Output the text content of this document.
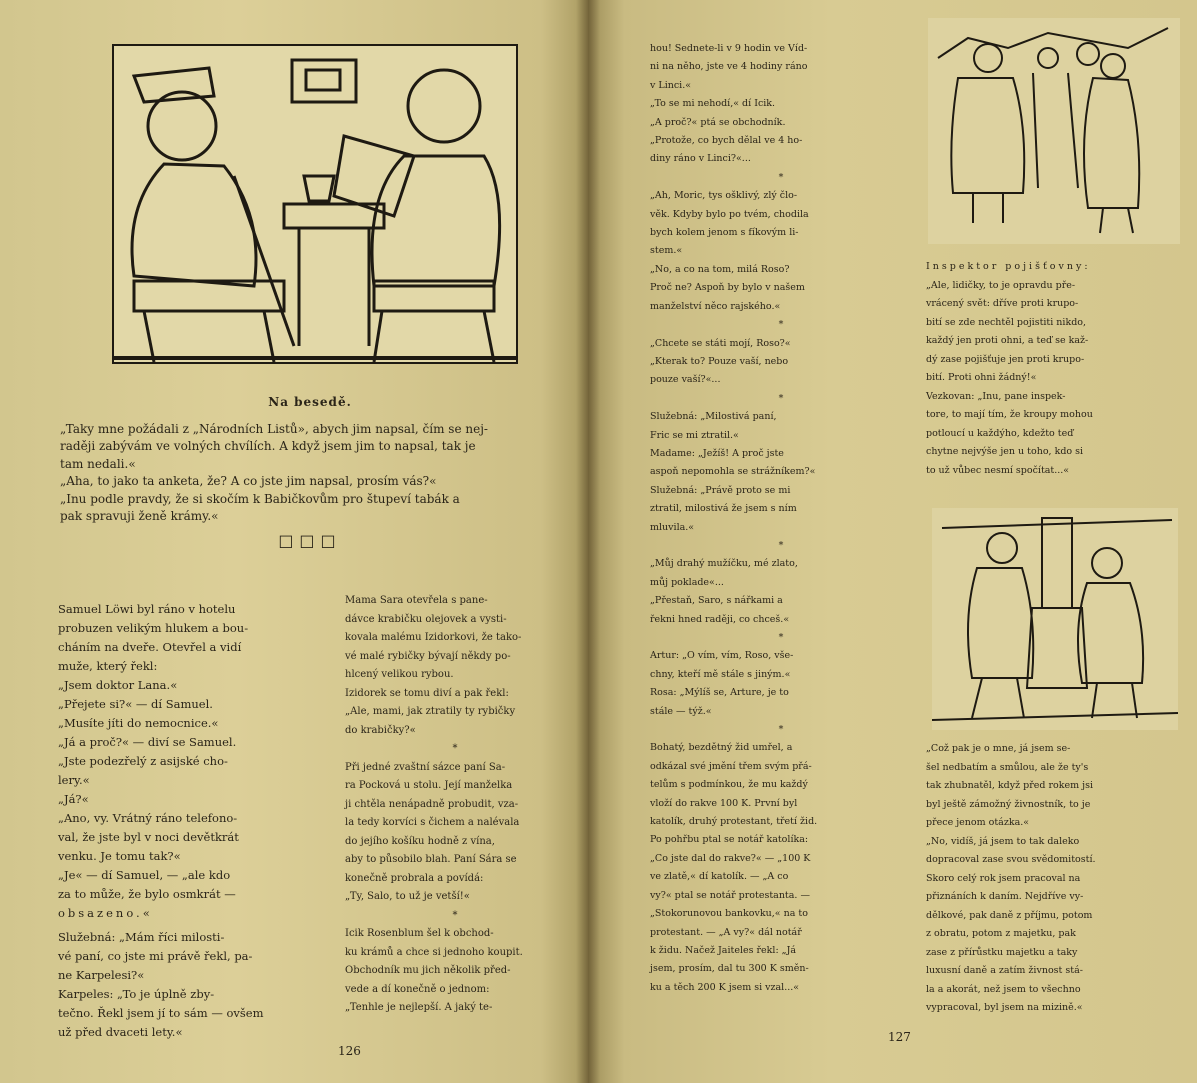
Na besedě.

„Taky mne požádali z „Národních Listů», abych jim napsal, čím se nej-

raději zabývám ve volných chvílích. A když jsem jim to napsal, tak je

tam nedali.«

„Aha, to jako ta anketa, že? A co jste jim napsal, prosím vás?«

„Inu podle pravdy, že si skočím k Babičkovům pro štupeví tabák a

pak spravuji ženě krámy.«

□□□

Samuel Löwi byl ráno v hotelu

probuzen velikým hlukem a bou-

cháním na dveře. Otevřel a vidí

muže, který řekl:

„Jsem doktor Lana.«

„Přejete si?« — dí Samuel.

„Musíte jíti do nemocnice.«

„Já a proč?« — diví se Samuel.

„Jste podezřelý z asijské cho-

lery.«

„Já?«

„Ano, vy. Vrátný ráno telefono-

val, že jste byl v noci devětkrát

venku. Je tomu tak?«

„Je« — dí Samuel, — „ale kdo

za to může, že bylo osmkrát —

obsazeno.«

Služebná: „Mám říci milosti-

vé paní, co jste mi právě řekl, pa-

ne Karpelesi?«

Karpeles: „To je úplně zby-

tečno. Řekl jsem jí to sám — ovšem

už před dvaceti lety.«

Mama Sara otevřela s pane-

dávce krabičku olejovek a vysti-

kovala malému Izidorkovi, že tako-

vé malé rybičky bývají někdy po-

hlcený velikou rybou.

Izidorek se tomu diví a pak řekl:

„Ale, mami, jak ztratily ty rybičky

do krabičky?«

*

Při jedné zvaštní sázce paní Sa-

ra Pocková u stolu. Její manželka

ji chtěla nenápadně probudit, vza-

la tedy korvíci s čichem a nalévala

do jejího košíku hodně z vína,

aby to působilo blah. Paní Sára se

konečně probrala a povídá:

„Ty, Salo, to už je vetší!«

*

Icik Rosenblum šel k obchod-

ku krámů a chce si jednoho koupit.

Obchodník mu jich několik před-

vede a dí konečně o jednom:

„Tenhle je nejlepší. A jaký te-

126

hou! Sednete-li v 9 hodin ve Víd-

ni na něho, jste ve 4 hodiny ráno

v Linci.«

„To se mi nehodí,« dí Icik.

„A proč?« ptá se obchodník.

„Protože, co bych dělal ve 4 ho-

diny ráno v Linci?«...

*

„Ah, Moric, tys ošklivý, zlý člo-

věk. Kdyby bylo po tvém, chodila

bych kolem jenom s fíkovým li-

stem.«

„No, a co na tom, milá Roso?

Proč ne? Aspoň by bylo v našem

manželství něco rajského.«

*

„Chcete se státi mojí, Roso?«

„Kterak to? Pouze vaší, nebo

pouze vaší?«...

*

Služebná: „Milostivá paní,

Fric se mi ztratil.«

Madame: „Ježíš! A proč jste

aspoň nepomohla se strážníkem?«

Služebná: „Právě proto se mi

ztratil, milostivá že jsem s ním

mluvila.«

*

„Můj drahý mužíčku, mé zlato,

můj poklade«...

„Přestaň, Saro, s nářkami a

řekni hned raději, co chceš.«

*

Artur: „O vím, vím, Roso, vše-

chny, kteří mě stále s jiným.«

Rosa: „Mýlíš se, Arture, je to

stále — týž.«

*

Bohatý, bezdětný žid umřel, a

odkázal své jmění třem svým přá-

telům s podmínkou, že mu každý

vloží do rakve 100 K. První byl

katolík, druhý protestant, třetí žid.

Po pohřbu ptal se notář katolíka:

„Co jste dal do rakve?« — „100 K

ve zlatě,« dí katolík. — „A co

vy?« ptal se notář protestanta. —

„Stokorunovou bankovku,« na to

protestant. — „A vy?« dál notář

k židu. Načež Jaiteles řekl: „Já

jsem, prosím, dal tu 300 K směn-

ku a těch 200 K jsem si vzal...«

Inspektor pojišťovny:

„Ale, lidičky, to je opravdu pře-

vrácený svět: dříve proti krupo-

bití se zde nechtěl pojistiti nikdo,

každý jen proti ohni, a teď se kaž-

dý zase pojišťuje jen proti krupo-

bití. Proti ohni žádný!«

Vezkovan: „Inu, pane inspek-

tore, to mají tím, že kroupy mohou

potloucí u každýho, kdežto teď

chytne nejvýše jen u toho, kdo si

to už vůbec nesmí spočítat...«

„Což pak je o mne, já jsem se-

šel nedbatím a smůlou, ale že ty's

tak zhubnatěl, když před rokem jsi

byl ještě zámožný živnostník, to je

přece jenom otázka.«

„No, vidíš, já jsem to tak daleko

dopracoval zase svou svědomitostí.

Skoro celý rok jsem pracoval na

přiznáních k daním. Nejdříve vy-

dělkové, pak daně z příjmu, potom

z obratu, potom z majetku, pak

zase z přírůstku majetku a taky

luxusní daně a zatím živnost stá-

la a akorát, než jsem to všechno

vypracoval, byl jsem na mizině.«

127
